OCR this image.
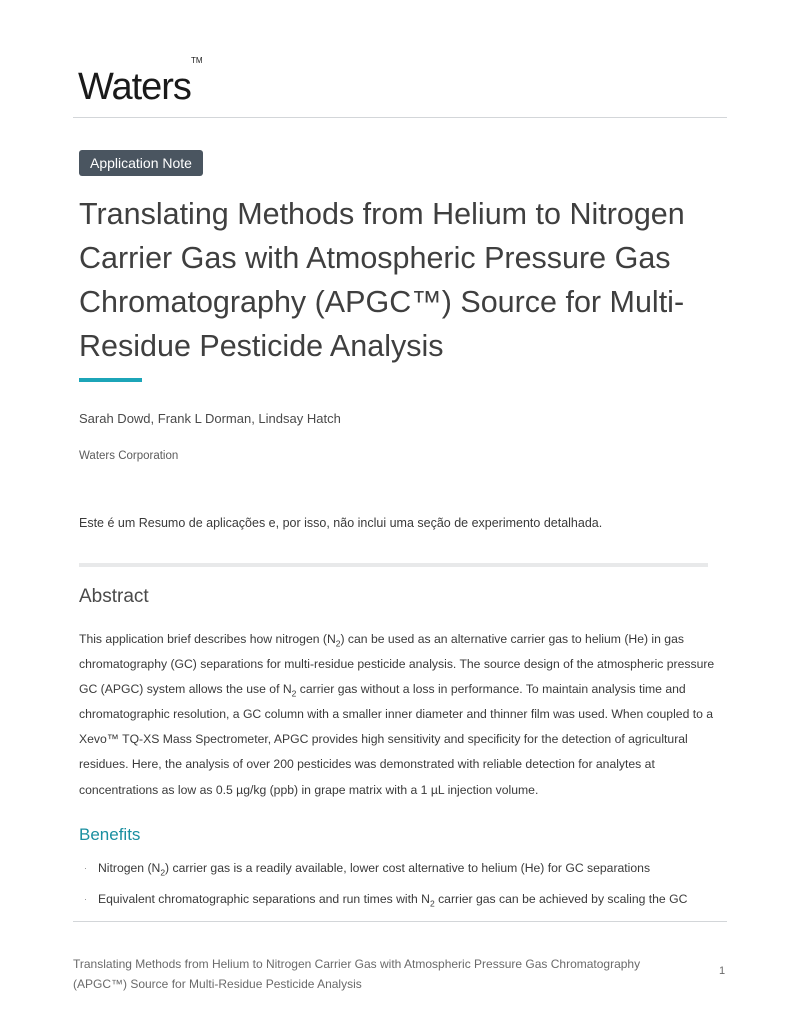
Waters™
Application Note
Translating Methods from Helium to Nitrogen Carrier Gas with Atmospheric Pressure Gas Chromatography (APGC™) Source for Multi-Residue Pesticide Analysis
Sarah Dowd, Frank L Dorman, Lindsay Hatch
Waters Corporation
Este é um Resumo de aplicações e, por isso, não inclui uma seção de experimento detalhada.
Abstract

This application brief describes how nitrogen $(N_2)$ can be used as an alternative carrier gas to helium (He) in gas chromatography (GC) separations for multi-residue pesticide analysis. The source design of the atmospheric pressure GC (APGC) system allows the use of $N_2$ carrier gas without a loss in performance. To maintain analysis time and chromatographic resolution, a GC column with a smaller inner diameter and thinner film was used. When coupled to a Xevo™ TQ-XS Mass Spectrometer, APGC provides high sensitivity and specificity for the detection of agricultural residues. Here, the analysis of over 200 pesticides was demonstrated with reliable detection for analytes at concentrations as low as 0.5 µg/kg (ppb) in grape matrix with a 1 µL injection volume.

Benefits
· Nitrogen $(N_2)$ carrier gas is a readily available, lower cost alternative to helium (He) for GC separations
· Equivalent chromatographic separations and run times with $N_2$ carrier gas can be achieved by scaling the GC
Translating Methods from Helium to Nitrogen Carrier Gas with Atmospheric Pressure Gas Chromatography
(APGC™) Source for Multi-Residue Pesticide Analysis
1
